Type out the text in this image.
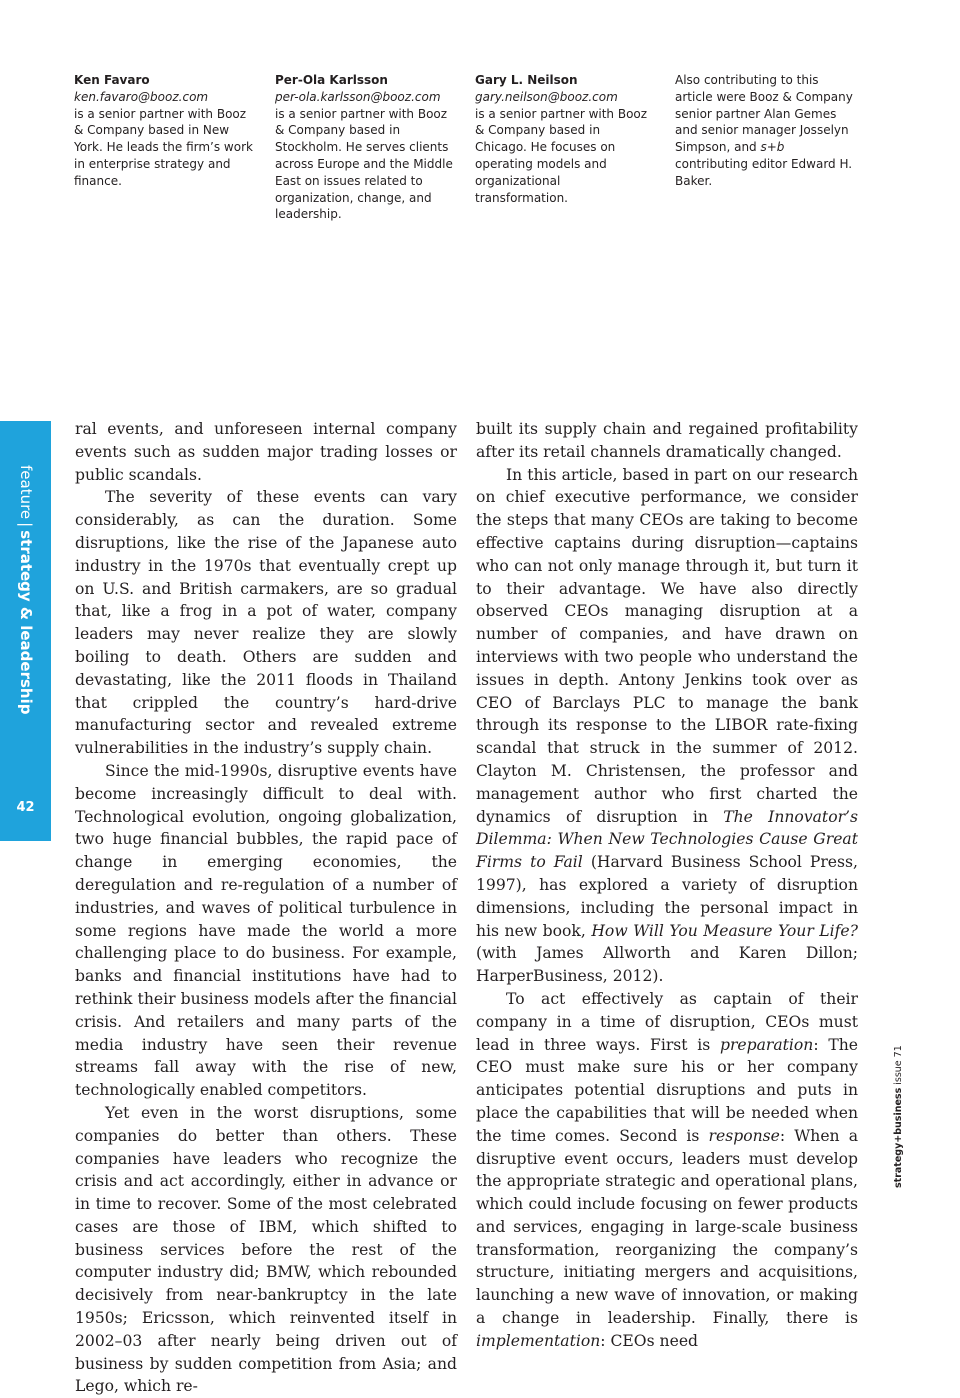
Ken Favaro
ken.favaro@booz.com
is a senior partner with Booz & Company based in New York. He leads the firm’s work in enterprise strategy and finance.
Per-Ola Karlsson
per-ola.karlsson@booz.com
is a senior partner with Booz & Company based in Stockholm. He serves clients across Europe and the Middle East on issues related to organization, change, and leadership.
Gary L. Neilson
gary.neilson@booz.com
is a senior partner with Booz & Company based in Chicago. He focuses on operating models and organizational transformation.
Also contributing to this article were Booz & Company senior partner Alan Gemes and senior manager Josselyn Simpson, and s+b contributing editor Edward H. Baker.
feature|strategy & leadership
42

ral events, and unforeseen internal company events such as sudden major trading losses or public scandals.

The severity of these events can vary considerably, as can the duration. Some disruptions, like the rise of the Japanese auto industry in the 1970s that eventually crept up on U.S. and British carmakers, are so gradual that, like a frog in a pot of water, company leaders may never realize they are slowly boiling to death. Others are sudden and devastating, like the 2011 floods in Thailand that crippled the country’s hard-drive manufacturing sector and revealed extreme vulnerabilities in the industry’s supply chain.

Since the mid-1990s, disruptive events have become increasingly difficult to deal with. Technological evolution, ongoing globalization, two huge financial bubbles, the rapid pace of change in emerging economies, the deregulation and re-regulation of a number of industries, and waves of political turbulence in some regions have made the world a more challenging place to do business. For example, banks and financial institutions have had to rethink their business models after the financial crisis. And retailers and many parts of the media industry have seen their revenue streams fall away with the rise of new, technologically enabled competitors.

Yet even in the worst disruptions, some companies do better than others. These companies have leaders who recognize the crisis and act accordingly, either in advance or in time to recover. Some of the most celebrated cases are those of IBM, which shifted to business services before the rest of the computer industry did; BMW, which rebounded decisively from near-bankruptcy in the late 1950s; Ericsson, which reinvented itself in 2002–03 after nearly being driven out of business by sudden competition from Asia; and Lego, which re-

built its supply chain and regained profitability after its retail channels dramatically changed.

In this article, based in part on our research on chief executive performance, we consider the steps that many CEOs are taking to become effective captains during disruption—captains who can not only manage through it, but turn it to their advantage. We have also directly observed CEOs managing disruption at a number of companies, and have drawn on interviews with two people who understand the issues in depth. Antony Jenkins took over as CEO of Barclays PLC to manage the bank through its response to the LIBOR rate-fixing scandal that struck in the summer of 2012. Clayton M. Christensen, the professor and management author who first charted the dynamics of disruption in The Innovator’s Dilemma: When New Technologies Cause Great Firms to Fail (Harvard Business School Press, 1997), has explored a variety of disruption dimensions, including the personal impact in his new book, How Will You Measure Your Life? (with James Allworth and Karen Dillon; HarperBusiness, 2012).

To act effectively as captain of their company in a time of disruption, CEOs must lead in three ways. First is preparation: The CEO must make sure his or her company anticipates potential disruptions and puts in place the capabilities that will be needed when the time comes. Second is response: When a disruptive event occurs, leaders must develop the appropriate strategic and operational plans, which could include focusing on fewer products and services, engaging in large-scale business transformation, reorganizing the company’s structure, initiating mergers and acquisitions, launching a new wave of innovation, or making a change in leadership. Finally, there is implementation: CEOs need

strategy+business issue 71
